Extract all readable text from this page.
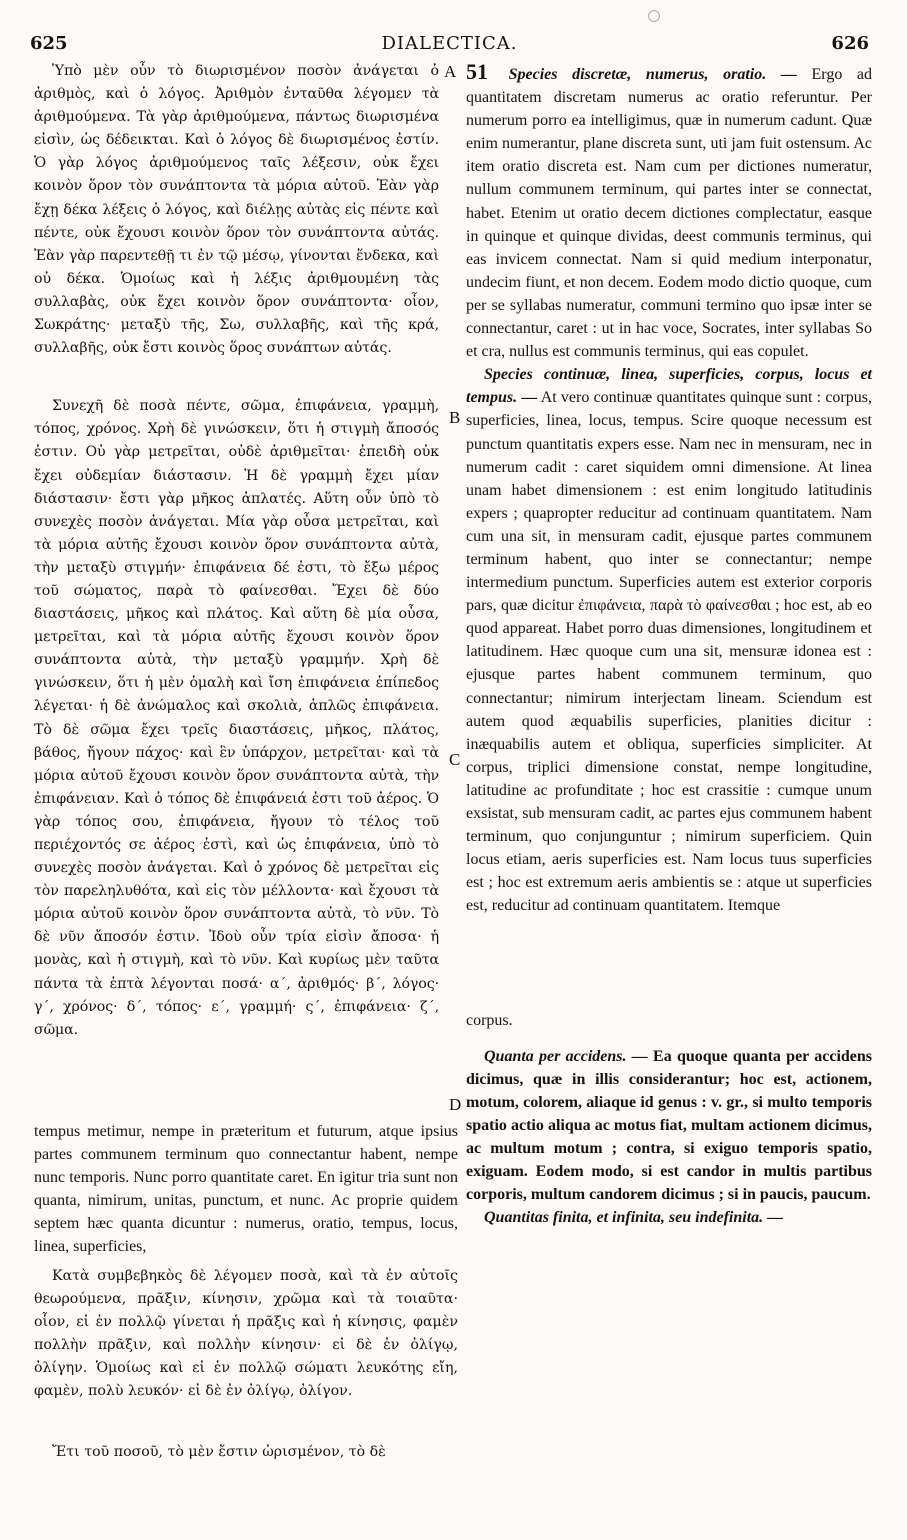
625	DIALECTICA.	626
A
B
C
D

Ὑπὸ μὲν οὖν τὸ διωρισμένον ποσὸν ἀνάγεται ὁ ἀριθμὸς, καὶ ὁ λόγος. Ἀριθμὸν ἐνταῦθα λέγομεν τὰ ἀριθμούμενα. Τὰ γὰρ ἀριθμούμενα, πάντως διωρισμένα εἰσὶν, ὡς δέδεικται. Καὶ ὁ λόγος δὲ διωρισμένος ἐστίν. Ὁ γὰρ λόγος ἀριθμούμενος ταῖς λέξεσιν, οὐκ ἔχει κοινὸν ὅρον τὸν συνάπτοντα τὰ μόρια αὐτοῦ. Ἐὰν γὰρ ἔχῃ δέκα λέξεις ὁ λόγος, καὶ διέλῃς αὐτὰς εἰς πέντε καὶ πέντε, οὐκ ἔχουσι κοινὸν ὅρον τὸν συνάπτοντα αὐτάς. Ἐὰν γὰρ παρεντεθῇ τι ἐν τῷ μέσῳ, γίνονται ἕνδεκα, καὶ οὐ δέκα. Ὁμοίως καὶ ἡ λέξις ἀριθμουμένη τὰς συλλαβὰς, οὐκ ἔχει κοινὸν ὅρον συνάπτοντα· οἷον, Σωκράτης· μεταξὺ τῆς, Σω, συλλαβῆς, καὶ τῆς κρά, συλλαβῆς, οὐκ ἔστι κοινὸς ὅρος συνάπτων αὐτάς.

Συνεχῆ δὲ ποσὰ πέντε, σῶμα, ἐπιφάνεια, γραμμὴ, τόπος, χρόνος. Χρὴ δὲ γινώσκειν, ὅτι ἡ στιγμὴ ἄποσός ἐστιν. Οὐ γὰρ μετρεῖται, οὐδὲ ἀριθμεῖται· ἐπειδὴ οὐκ ἔχει οὐδεμίαν διάστασιν. Ἡ δὲ γραμμὴ ἔχει μίαν διάστασιν· ἔστι γὰρ μῆκος ἀπλατές. Αὕτη οὖν ὑπὸ τὸ συνεχὲς ποσὸν ἀνάγεται. Μία γὰρ οὖσα μετρεῖται, καὶ τὰ μόρια αὐτῆς ἔχουσι κοινὸν ὅρον συνάπτοντα αὐτὰ, τὴν μεταξὺ στιγμήν· ἐπιφάνεια δέ ἐστι, τὸ ἔξω μέρος τοῦ σώματος, παρὰ τὸ φαίνεσθαι. Ἔχει δὲ δύο διαστάσεις, μῆκος καὶ πλάτος. Καὶ αὕτη δὲ μία οὖσα, μετρεῖται, καὶ τὰ μόρια αὐτῆς ἔχουσι κοινὸν ὅρον συνάπτοντα αὐτὰ, τὴν μεταξὺ γραμμήν. Χρὴ δὲ γινώσκειν, ὅτι ἡ μὲν ὁμαλὴ καὶ ἴση ἐπιφάνεια ἐπίπεδος λέγεται· ἡ δὲ ἀνώμαλος καὶ σκολιὰ, ἁπλῶς ἐπιφάνεια. Τὸ δὲ σῶμα ἔχει τρεῖς διαστάσεις, μῆκος, πλάτος, βάθος, ἤγουν πάχος· καὶ ἓν ὑπάρχον, μετρεῖται· καὶ τὰ μόρια αὐτοῦ ἔχουσι κοινὸν ὅρον συνάπτοντα αὐτὰ, τὴν ἐπιφάνειαν. Καὶ ὁ τόπος δὲ ἐπιφάνειά ἐστι τοῦ ἀέρος. Ὁ γὰρ τόπος σου, ἐπιφάνεια, ἤγουν τὸ τέλος τοῦ περιέχοντός σε ἀέρος ἐστὶ, καὶ ὡς ἐπιφάνεια, ὑπὸ τὸ συνεχὲς ποσὸν ἀνάγεται. Καὶ ὁ χρόνος δὲ μετρεῖται εἰς τὸν παρεληλυθότα, καὶ εἰς τὸν μέλλοντα· καὶ ἔχουσι τὰ μόρια αὐτοῦ κοινὸν ὅρον συνάπτοντα αὐτὰ, τὸ νῦν. Τὸ δὲ νῦν ἄποσόν ἐστιν. Ἰδοὺ οὖν τρία εἰσὶν ἄποσα· ἡ μονὰς, καὶ ἡ στιγμὴ, καὶ τὸ νῦν. Καὶ κυρίως μὲν ταῦτα πάντα τὰ ἑπτὰ λέγονται ποσά· α΄, ἀριθμός· β΄, λόγος· γ΄, χρόνος· δ΄, τόπος· ε΄, γραμμή· ς΄, ἐπιφάνεια· ζ΄, σῶμα.

tempus metimur, nempe in præteritum et futurum, atque ipsius partes communem terminum quo connectantur habent, nempe nunc temporis. Nunc porro quantitate caret. En igitur tria sunt non quanta, nimirum, unitas, punctum, et nunc. Ac proprie quidem septem hæc quanta dicuntur : numerus, oratio, tempus, locus, linea, superficies,

Κατὰ συμβεβηκὸς δὲ λέγομεν ποσὰ, καὶ τὰ ἐν αὐτοῖς θεωρούμενα, πρᾶξιν, κίνησιν, χρῶμα καὶ τὰ τοιαῦτα· οἷον, εἰ ἐν πολλῷ γίνεται ἡ πρᾶξις καὶ ἡ κίνησις, φαμὲν πολλὴν πρᾶξιν, καὶ πολλὴν κίνησιν· εἰ δὲ ἐν ὀλίγῳ, ὀλίγην. Ὁμοίως καὶ εἰ ἐν πολλῷ σώματι λευκότης εἴη, φαμὲν, πολὺ λευκόν· εἰ δὲ ἐν ὀλίγῳ, ὀλίγον.

Ἔτι τοῦ ποσοῦ, τὸ μὲν ἔστιν ὡρισμένον, τὸ δὲ

51 Species discretæ, numerus, oratio. — Ergo ad quantitatem discretam numerus ac oratio referuntur. Per numerum porro ea intelligimus, quæ in numerum cadunt. Quæ enim numerantur, plane discreta sunt, uti jam fuit ostensum. Ac item oratio discreta est. Nam cum per dictiones numeratur, nullum communem terminum, qui partes inter se connectat, habet. Etenim ut oratio decem dictiones complectatur, easque in quinque et quinque dividas, deest communis terminus, qui eas invicem connectat. Nam si quid medium interponatur, undecim fiunt, et non decem. Eodem modo dictio quoque, cum per se syllabas numeratur, communi termino quo ipsæ inter se connectantur, caret : ut in hac voce, Socrates, inter syllabas So et cra, nullus est communis terminus, qui eas copulet.

Species continuæ, linea, superficies, corpus, locus et tempus. — At vero continuæ quantitates quinque sunt : corpus, superficies, linea, locus, tempus. Scire quoque necessum est punctum quantitatis expers esse. Nam nec in mensuram, nec in numerum cadit : caret siquidem omni dimensione. At linea unam habet dimensionem : est enim longitudo latitudinis expers ; quapropter reducitur ad continuam quantitatem. Nam cum una sit, in mensuram cadit, ejusque partes communem terminum habent, quo inter se connectantur; nempe intermedium punctum. Superficies autem est exterior corporis pars, quæ dicitur ἐπιφάνεια, παρὰ τὸ φαίνεσθαι ; hoc est, ab eo quod appareat. Habet porro duas dimensiones, longitudinem et latitudinem. Hæc quoque cum una sit, mensuræ idonea est : ejusque partes habent communem terminum, quo connectantur; nimirum interjectam lineam. Sciendum est autem quod æquabilis superficies, planities dicitur : inæquabilis autem et obliqua, superficies simpliciter. At corpus, triplici dimensione constat, nempe longitudine, latitudine ac profunditate ; hoc est crassitie : cumque unum exsistat, sub mensuram cadit, ac partes ejus communem habent terminum, quo conjunguntur ; nimirum superficiem. Quin locus etiam, aeris superficies est. Nam locus tuus superficies est ; hoc est extremum aeris ambientis se : atque ut superficies est, reducitur ad continuam quantitatem. Itemque

corpus.

Quanta per accidens. — Ea quoque quanta per accidens dicimus, quæ in illis considerantur; hoc est, actionem, motum, colorem, aliaque id genus : v. gr., si multo temporis spatio actio aliqua ac motus fiat, multam actionem dicimus, ac multum motum ; contra, si exiguo temporis spatio, exiguam. Eodem modo, si est candor in multis partibus corporis, multum candorem dicimus ; si in paucis, paucum.

Quantitas finita, et infinita, seu indefinita. —
